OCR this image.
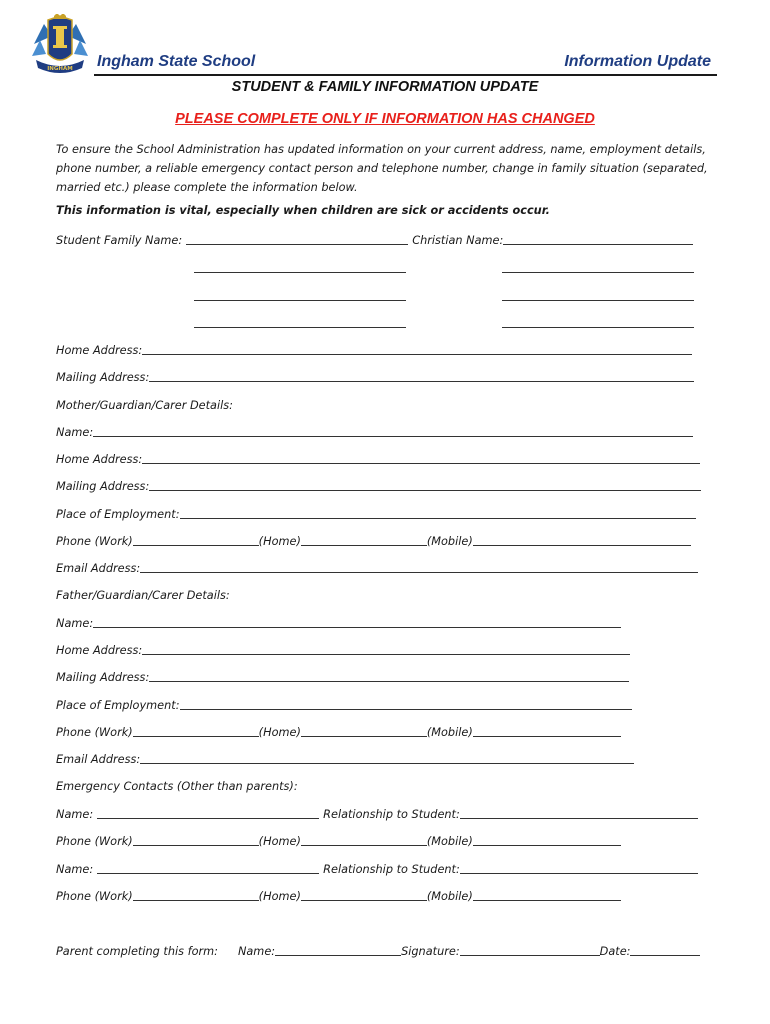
INGHAM Ingham State School	Information Update
STUDENT & FAMILY INFORMATION UPDATE
PLEASE COMPLETE ONLY IF INFORMATION HAS CHANGED
To ensure the School Administration has updated information on your current address, name, employment details, phone number, a reliable emergency contact person and telephone number, change in family situation (separated, married etc.) please complete the information below.
This information is vital, especially when children are sick or accidents occur.
Student Family Name:	Christian Name:
Home Address:
Mailing Address:
Mother/Guardian/Carer Details:
Name:
Home Address:
Mailing Address:
Place of Employment:
Phone (Work)	(Home)	(Mobile)
Email Address:
Father/Guardian/Carer Details:
Name:
Home Address:
Mailing Address:
Place of Employment:
Phone (Work)	(Home)	(Mobile)
Email Address:
Emergency Contacts (Other than parents):
Name:	Relationship to Student:
Phone (Work)	(Home)	(Mobile)
Name:	Relationship to Student:
Phone (Work)	(Home)	(Mobile)
Parent completing this form: Name:	Signature:	Date:
